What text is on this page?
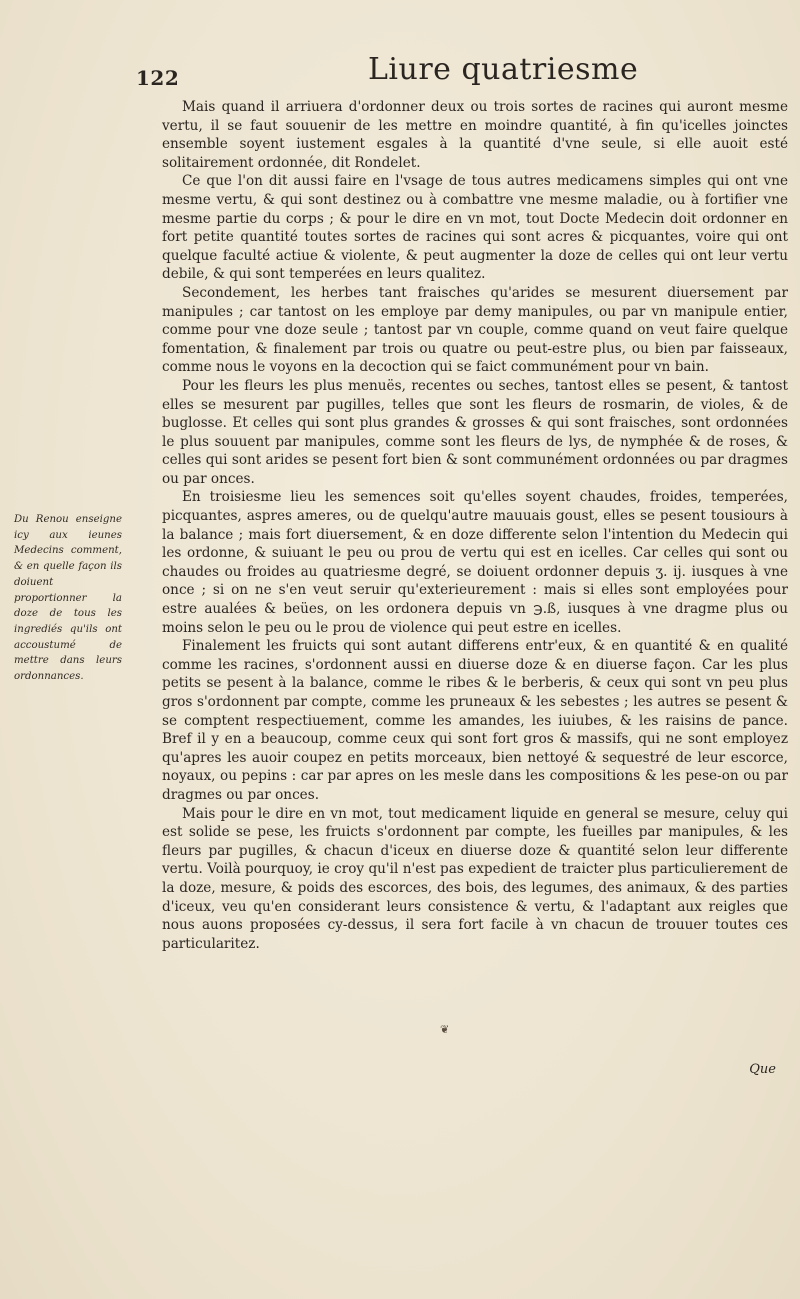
122	Liure quatriesme

Mais quand il arriuera d'ordonner deux ou trois sortes de racines qui auront mesme vertu, il se faut souuenir de les mettre en moindre quantité, à fin qu'icelles joinctes ensemble soyent iustement esgales à la quantité d'vne seule, si elle auoit esté solitairement ordonnée, dit Rondelet.

Ce que l'on dit aussi faire en l'vsage de tous autres medicamens simples qui ont vne mesme vertu, & qui sont destinez ou à combattre vne mesme maladie, ou à fortifier vne mesme partie du corps ; & pour le dire en vn mot, tout Docte Medecin doit ordonner en fort petite quantité toutes sortes de racines qui sont acres & picquantes, voire qui ont quelque faculté actiue & violente, & peut augmenter la doze de celles qui ont leur vertu debile, & qui sont temperées en leurs qualitez.

Secondement, les herbes tant fraisches qu'arides se mesurent diuersement par manipules ; car tantost on les employe par demy manipules, ou par vn manipule entier, comme pour vne doze seule ; tantost par vn couple, comme quand on veut faire quelque fomentation, & finalement par trois ou quatre ou peut-estre plus, ou bien par faisseaux, comme nous le voyons en la decoction qui se faict communément pour vn bain.

Pour les fleurs les plus menuës, recentes ou seches, tantost elles se pesent, & tantost elles se mesurent par pugilles, telles que sont les fleurs de rosmarin, de violes, & de buglosse. Et celles qui sont plus grandes & grosses & qui sont fraisches, sont ordonnées le plus souuent par manipules, comme sont les fleurs de lys, de nymphée & de roses, & celles qui sont arides se pesent fort bien & sont communément ordonnées ou par dragmes ou par onces.

En troisiesme lieu les semences soit qu'elles soyent chaudes, froides, temperées, picquantes, aspres ameres, ou de quelqu'autre mauuais goust, elles se pesent tousiours à la balance ; mais fort diuersement, & en doze differente selon l'intention du Medecin qui les ordonne, & suiuant le peu ou prou de vertu qui est en icelles. Car celles qui sont ou chaudes ou froides au quatriesme degré, se doiuent ordonner depuis ʒ. ij. iusques à vne once ; si on ne s'en veut seruir qu'exterieurement : mais si elles sont employées pour estre aualées & beües, on les ordonera depuis vn ℈.ß, iusques à vne dragme plus ou moins selon le peu ou le prou de violence qui peut estre en icelles.

Finalement les fruicts qui sont autant differens entr'eux, & en quantité & en qualité comme les racines, s'ordonnent aussi en diuerse doze & en diuerse façon. Car les plus petits se pesent à la balance, comme le ribes & le berberis, & ceux qui sont vn peu plus gros s'ordonnent par compte, comme les pruneaux & les sebestes ; les autres se pesent & se comptent respectiuement, comme les amandes, les iuiubes, & les raisins de pance. Bref il y en a beaucoup, comme ceux qui sont fort gros & massifs, qui ne sont employez qu'apres les auoir coupez en petits morceaux, bien nettoyé & sequestré de leur escorce, noyaux, ou pepins : car par apres on les mesle dans les compositions & les pese-on ou par dragmes ou par onces.

Mais pour le dire en vn mot, tout medicament liquide en general se mesure, celuy qui est solide se pese, les fruicts s'ordonnent par compte, les fueilles par manipules, & les fleurs par pugilles, & chacun d'iceux en diuerse doze & quantité selon leur differente vertu. Voilà pourquoy, ie croy qu'il n'est pas expedient de traicter plus particulierement de la doze, mesure, & poids des escorces, des bois, des legumes, des animaux, & des parties d'iceux, veu qu'en considerant leurs consistence & vertu, & l'adaptant aux reigles que nous auons proposées cy-dessus, il sera fort facile à vn chacun de trouuer toutes ces particularitez.

Du Renou enseigne icy aux ieunes Medecins comment, & en quelle façon ils doiuent proportionner la doze de tous les ingrediés qu'ils ont accoustumé de mettre dans leurs ordonnances.
❦
Que
